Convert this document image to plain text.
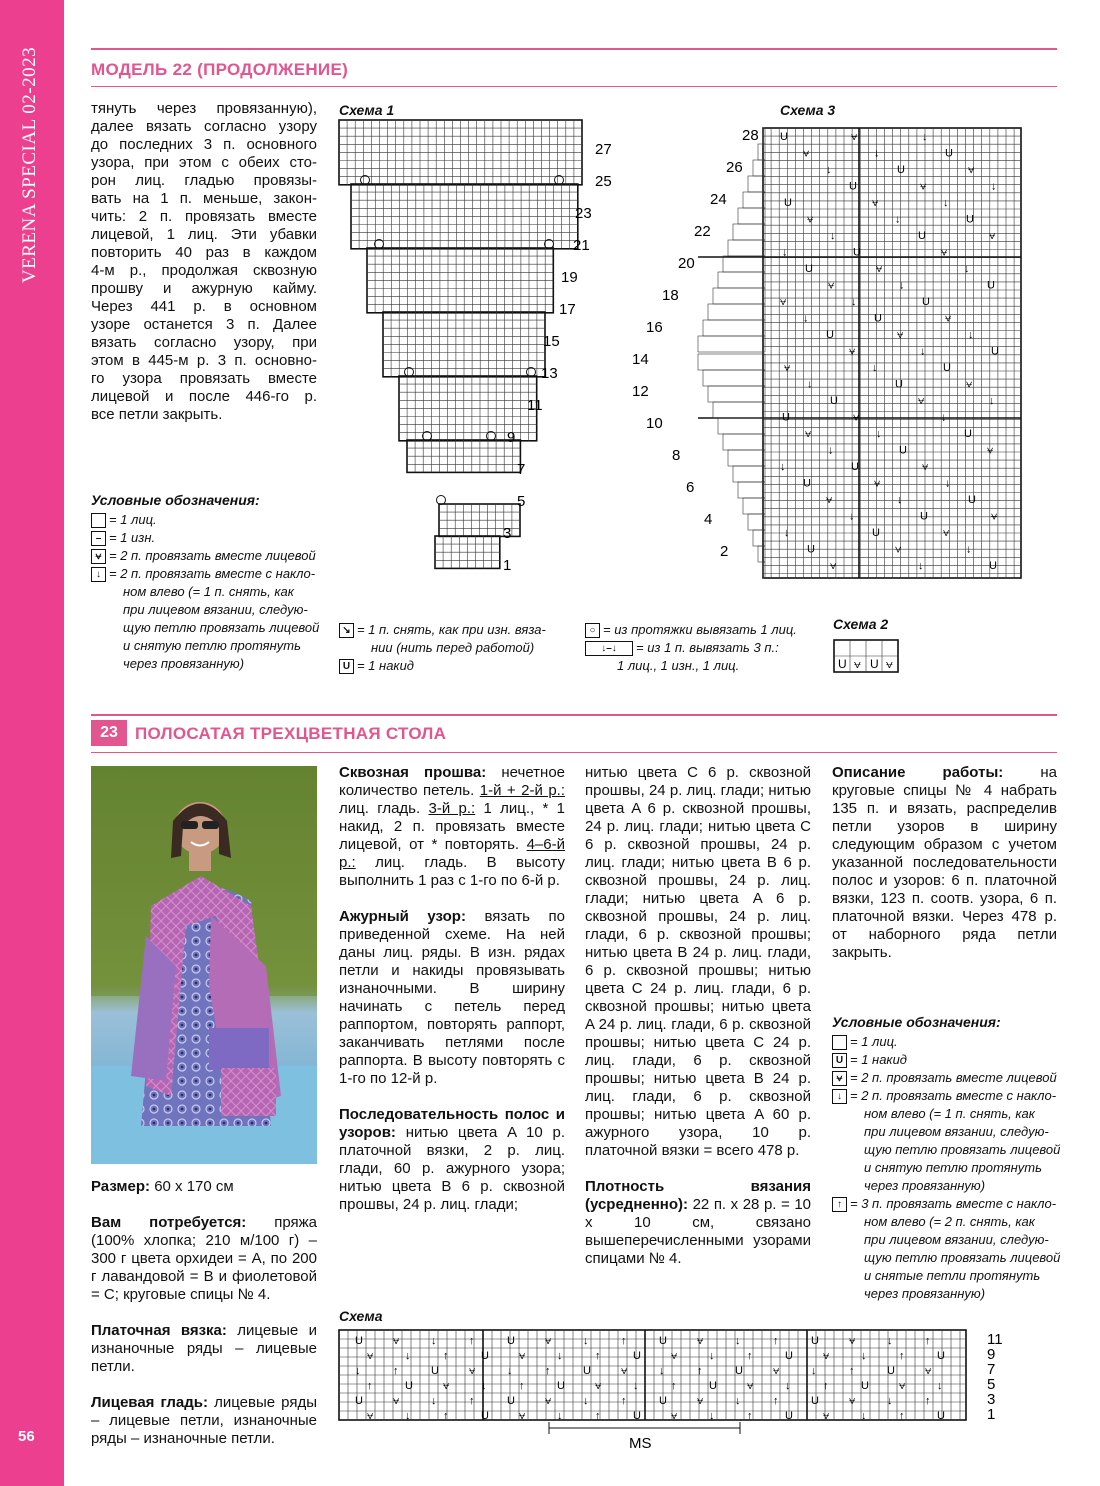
VERENA SPECIAL 02-2023
56
МОДЕЛЬ 22 (ПРОДОЛЖЕНИЕ)
тянуть через провязанную),
далее вязать согласно узору
до последних 3 п. основного
узора, при этом с обеих сто-
рон лиц. гладью провязы-
вать на 1 п. меньше, закон-
чить: 2 п. провязать вместе
лицевой, 1 лиц. Эти убавки
повторить 40 раз в каждом
4-м р., продолжая сквозную
прошву и ажурную кайму.
Через 441 р. в основном
узоре останется 3 п. Далее
вязать согласно узору, при
этом в 445-м р. 3 п. основно-
го узора провязать вместе
лицевой и после 446-го р.
все петли закрыть.
Условные обозначения:
= 1 лиц.
– = 1 изн.
⩝ = 2 п. провязать вместе лицевой
↓ = 2 п. провязать вместе с накло-
ном влево (= 1 п. снять, как
при лицевом вязании, следую-
щую петлю провязать лицевой
и снятую петлю протянуть
через провязанную)
↘ = 1 п. снять, как при изн. вяза-
нии (нить перед работой)
U = 1 накид
○ = из протяжки вывязать 1 лиц.
↓–↓	= из 1 п. вывязать 3 п.:
1 лиц., 1 изн., 1 лиц.
Схема 1
27
25
23
21
19
17
15
13
11
9
7
5
3
1
Схема 3
U	⩝	↓
⩝	↓	U
↓	U	⩝
U	⩝	↓
⩝	↓
U
↓	U
⩝
U	⩝
↓
⩝
↓	U
↓
U	⩝
U
⩝	↓
⩝	↓	U
↓	U	⩝
U	⩝	↓
⩝	↓	U
↓	U
⩝
U	⩝
↓
⩝	↓
U
↓
U	⩝
U
⩝	↓
⩝
↓	U
↓	U	⩝
U	⩝	↓
⩝	↓	U
↓	U	⩝
U	⩝
↓
⩝	↓
U
↓	U
⩝
28
26
24
22
20
18
16
14
12
10
8
6
4
2
Схема 2
U ⩝ U ⩝
23	ПОЛОСАТАЯ ТРЕХЦВЕТНАЯ СТОЛА

Размер: 60 x 170 см

Вам потребуется: пряжа (100% хлопка; 210 м/100 г) – 300 г цвета орхидеи = A, по 200 г лавандовой = B и фиолетовой = C; круговые спицы № 4.

Платочная вязка: лицевые и изнаночные ряды – лицевые петли.

Лицевая гладь: лицевые ряды – лицевые петли, изнаночные ряды – изнаночные петли.

Сквозная прошва: нечетное количество петель. 1-й + 2-й р.: лиц. гладь. 3-й р.: 1 лиц., * 1 накид, 2 п. провязать вместе лицевой, от * повторять. 4–6-й р.: лиц. гладь. В высоту выполнить 1 раз с 1-го по 6-й р.

Ажурный узор: вязать по приведенной схеме. На ней даны лиц. ряды. В изн. рядах петли и накиды провязывать изнаночными. В ширину начинать с петель перед раппортом, повторять раппорт, заканчивать петлями после раппорта. В высоту повторять с 1-го по 12-й р.

Последовательность полос и узоров: нитью цвета A 10 р. платочной вязки, 2 р. лиц. глади, 60 р. ажурного узора; нитью цвета B 6 р. сквозной прошвы, 24 р. лиц. глади;

нитью цвета C 6 р. сквозной прошвы, 24 р. лиц. глади; нитью цвета A 6 р. сквозной прошвы, 24 р. лиц. глади; нитью цвета C 6 р. сквозной прошвы, 24 р. лиц. глади; нитью цвета B 6 р. сквозной прошвы, 24 р. лиц. глади; нитью цвета A 6 р. сквозной прошвы, 24 р. лиц. глади, 6 р. сквозной прошвы; нитью цвета B 24 р. лиц. глади, 6 р. сквозной прошвы; нитью цвета C 24 р. лиц. глади, 6 р. сквозной прошвы; нитью цвета A 24 р. лиц. глади, 6 р. сквозной прошвы; нитью цвета C 24 р. лиц. глади, 6 р. сквозной прошвы; нитью цвета B 24 р. лиц. глади, 6 р. сквозной прошвы; нитью цвета A 60 р. ажурного узора, 10 р. платочной вязки = всего 478 р.

Плотность вязания (усредненно): 22 п. x 28 р. = 10 x 10 см, связано вышеперечисленными узорами спицами № 4.

Описание работы: на круговые спицы № 4 набрать 135 п. и вязать, распределив петли узоров в ширину следующим образом с учетом указанной последовательности полос и узоров: 6 п. платочной вязки, 123 п. соотв. узора, 6 п. платочной вязки. Через 478 р. от наборного ряда петли закрыть.

Условные обозначения:
= 1 лиц.
U = 1 накид
⩝ = 2 п. провязать вместе лицевой
↓ = 2 п. провязать вместе с накло-
ном влево (= 1 п. снять, как
при лицевом вязании, следую-
щую петлю провязать лицевой
и снятую петлю протянуть
через провязанную)
↑ = 3 п. провязать вместе с накло-
ном влево (= 2 п. снять, как
при лицевом вязании, следую-
щую петлю провязать лицевой
и снятые петли протянуть
через провязанную)
Схема
U	⩝	↓	↑	U	⩝	↓	↑	U	⩝	↓	↑	U	⩝	↓	↑
⩝	↓	↑	U	⩝	↓	↑	U	⩝	↓	↑	U	⩝	↓	↑	U
↓	↑	U	⩝	↓	↑	U	⩝	↓	↑	U	⩝	↓	↑	U	⩝
↑	U	⩝	↓	↑	U	⩝	↓	↑	U	⩝	↓	↑	U	⩝	↓
U	⩝	↓	↑	U	⩝	↓	↑	U	⩝	↓	↑	U	⩝	↓	↑
⩝	↓	↑	U	⩝	↓	↑	U	⩝	↓	↑	U	⩝	↓	↑	U
11
9
7
5
3
1
MS
